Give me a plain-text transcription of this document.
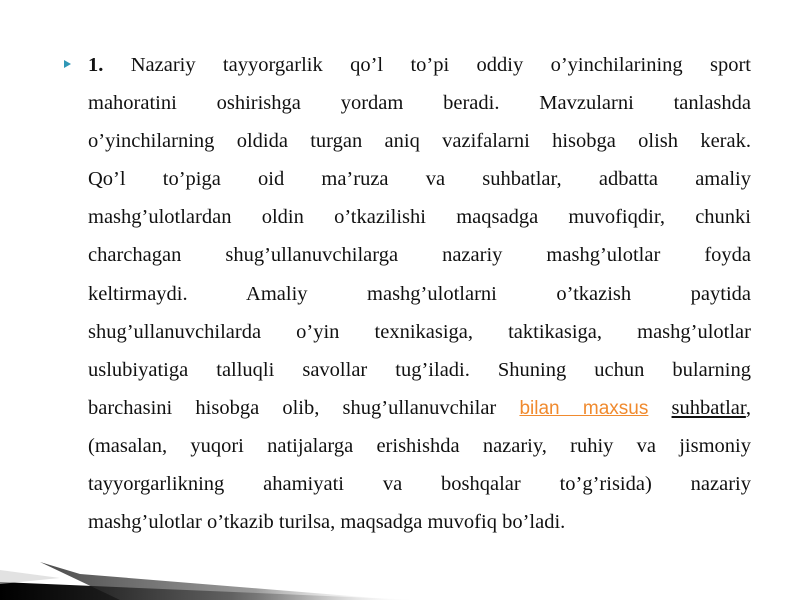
1. Nazariy tayyorgarlik qo’l to’pi oddiy o’yinchilarining sport
mahoratini oshirishga yordam beradi. Mavzularni tanlashda
o’yinchilarning oldida turgan aniq vazifalarni hisobga olish kerak.
Qo’l to’piga oid ma’ruza va suhbatlar, adbatta amaliy
mashg’ulotlardan oldin o’tkazilishi maqsadga muvofiqdir, chunki
charchagan shug’ullanuvchilarga nazariy mashg’ulotlar foyda
keltirmaydi. Amaliy mashg’ulotlarni o’tkazish paytida
shug’ullanuvchilarda o’yin texnikasiga, taktikasiga, mashg’ulotlar
uslubiyatiga talluqli savollar tug’iladi. Shuning uchun bularning
barchasini hisobga olib, shug’ullanuvchilar bilan maxsus suhbatlar,
(masalan, yuqori natijalarga erishishda nazariy, ruhiy va jismoniy
tayyorgarlikning ahamiyati va boshqalar to’g’risida) nazariy
mashg’ulotlar o’tkazib turilsa, maqsadga muvofiq bo’ladi.
